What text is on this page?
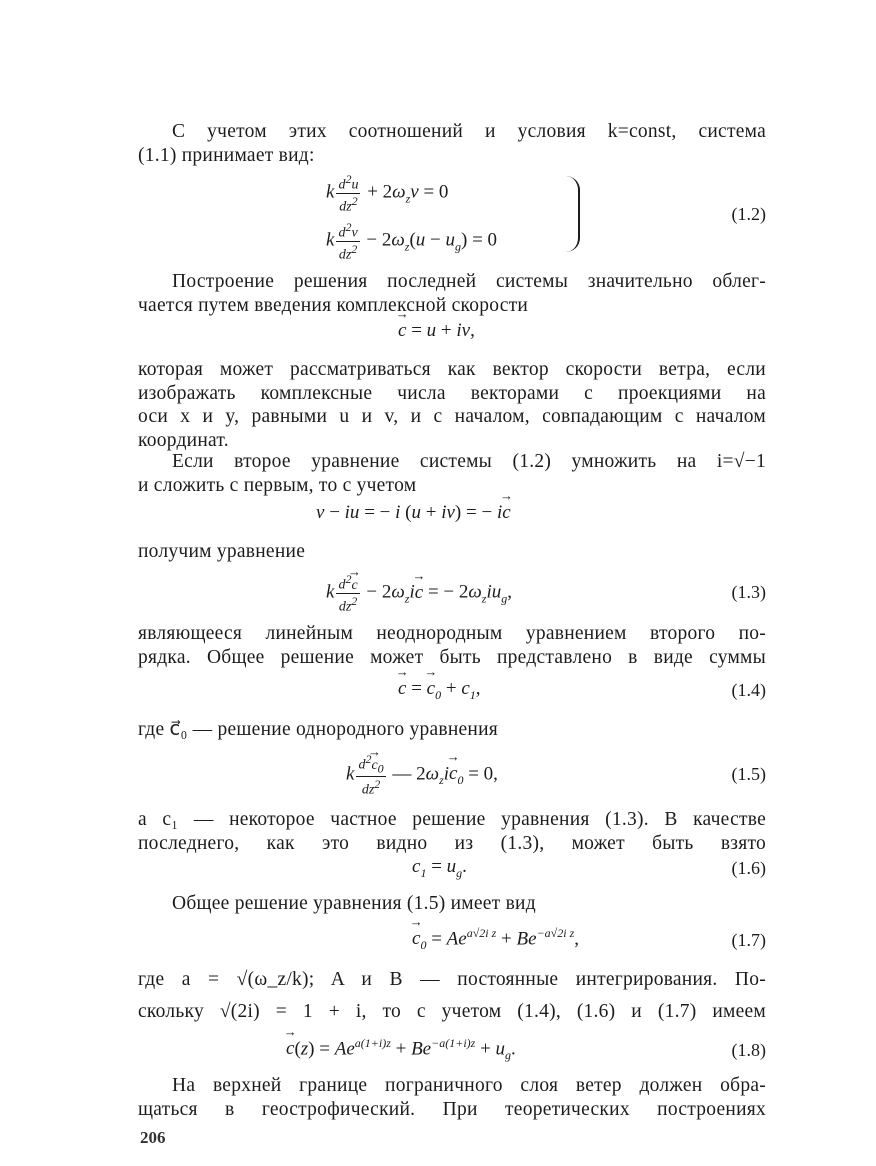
С учетом этих соотношений и условия k=const, система
(1.1) принимает вид:
k $\frac{d^2u}{dz^2} + 2\omega_zv = 0$
k $\frac{d^2v}{dz^2} - 2\omega_z(u - u_g) = 0$
(1.2)
Построение решения последней системы значительно облег-
чается путем введения комплексной скорости
→ c = u + iv,
которая может рассматриваться как вектор скорости ветра, если
изображать комплексные числа векторами с проекциями на
оси x и y, равными u и v, и с началом, совпадающим с началом
координат.
Если второе уравнение системы (1.2) умножить на i=√−1
и сложить с первым, то с учетом
v − iu = − i (u + iv) = − i→ c
получим уравнение
k $\frac{d^2\to c}{dz^2} - 2\omega_zi\to c$ = − $2\omega_ziu_g$,	(1.3)
являющееся линейным неоднородным уравнением второго по-
рядка. Общее решение может быть представлено в виде суммы
→ c = → $c_0 + c_1$,	(1.4)
где c⃗₀ — решение однородного уравнения
k $\frac{d^2\to c_0}{dz^2}$ — $2\omega_zi\to c_0 = 0$,	(1.5)
а c₁ — некоторое частное решение уравнения (1.3). В качестве
последнего, как это видно из (1.3), может быть взято
$c_1 = u_g$.	(1.6)
Общее решение уравнения (1.5) имеет вид
→ $c_0 = Ae^{a√2i z} + Be^{-a√2i z}$,	(1.7)
где a = √(ω_z/k); A и B — постоянные интегрирования. По-
скольку √(2i) = 1 + i, то с учетом (1.4), (1.6) и (1.7) имеем
→ $c(z) = Ae^{a(1+i)z} + Be^{-a(1+i)z} + u_g$.	(1.8)
На верхней границе пограничного слоя ветер должен обра-
щаться в геострофический. При теоретических построениях
206
